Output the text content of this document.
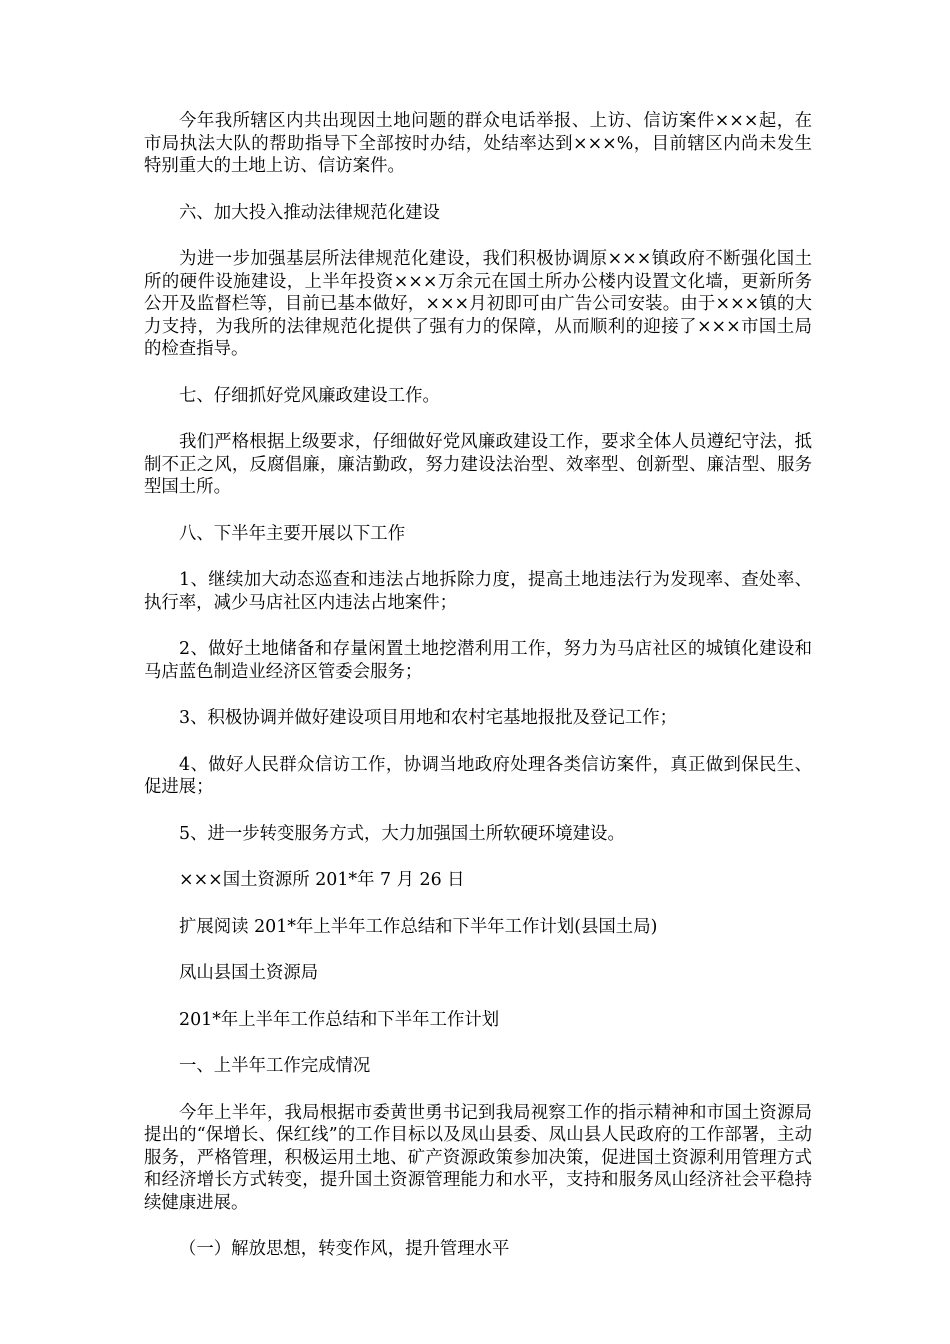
今年我所辖区内共出现因土地问题的群众电话举报、上访、信访案件×××起，在市局执法大队的帮助指导下全部按时办结，处结率达到×××%，目前辖区内尚未发生特别重大的土地上访、信访案件。

六、加大投入推动法律规范化建设

为进一步加强基层所法律规范化建设，我们积极协调原×××镇政府不断强化国土所的硬件设施建设，上半年投资×××万余元在国土所办公楼内设置文化墙，更新所务公开及监督栏等，目前已基本做好，×××月初即可由广告公司安装。由于×××镇的大力支持，为我所的法律规范化提供了强有力的保障，从而顺利的迎接了×××市国土局的检查指导。

七、仔细抓好党风廉政建设工作。

我们严格根据上级要求，仔细做好党风廉政建设工作，要求全体人员遵纪守法，抵制不正之风，反腐倡廉，廉洁勤政，努力建设法治型、效率型、创新型、廉洁型、服务型国土所。

八、下半年主要开展以下工作

1、继续加大动态巡查和违法占地拆除力度，提高土地违法行为发现率、查处率、执行率，减少马店社区内违法占地案件；

2、做好土地储备和存量闲置土地挖潜利用工作，努力为马店社区的城镇化建设和马店蓝色制造业经济区管委会服务；

3、积极协调并做好建设项目用地和农村宅基地报批及登记工作；

4、做好人民群众信访工作，协调当地政府处理各类信访案件，真正做到保民生、促进展；

5、进一步转变服务方式，大力加强国土所软硬环境建设。

×××国土资源所 201*年 7 月 26 日

扩展阅读 201*年上半年工作总结和下半年工作计划(县国土局)

凤山县国土资源局

201*年上半年工作总结和下半年工作计划

一、上半年工作完成情况

今年上半年，我局根据市委黄世勇书记到我局视察工作的指示精神和市国土资源局提出的“保增长、保红线”的工作目标以及凤山县委、凤山县人民政府的工作部署，主动服务，严格管理，积极运用土地、矿产资源政策参加决策，促进国土资源利用管理方式和经济增长方式转变，提升国土资源管理能力和水平，支持和服务凤山经济社会平稳持续健康进展。

（一）解放思想，转变作风，提升管理水平
